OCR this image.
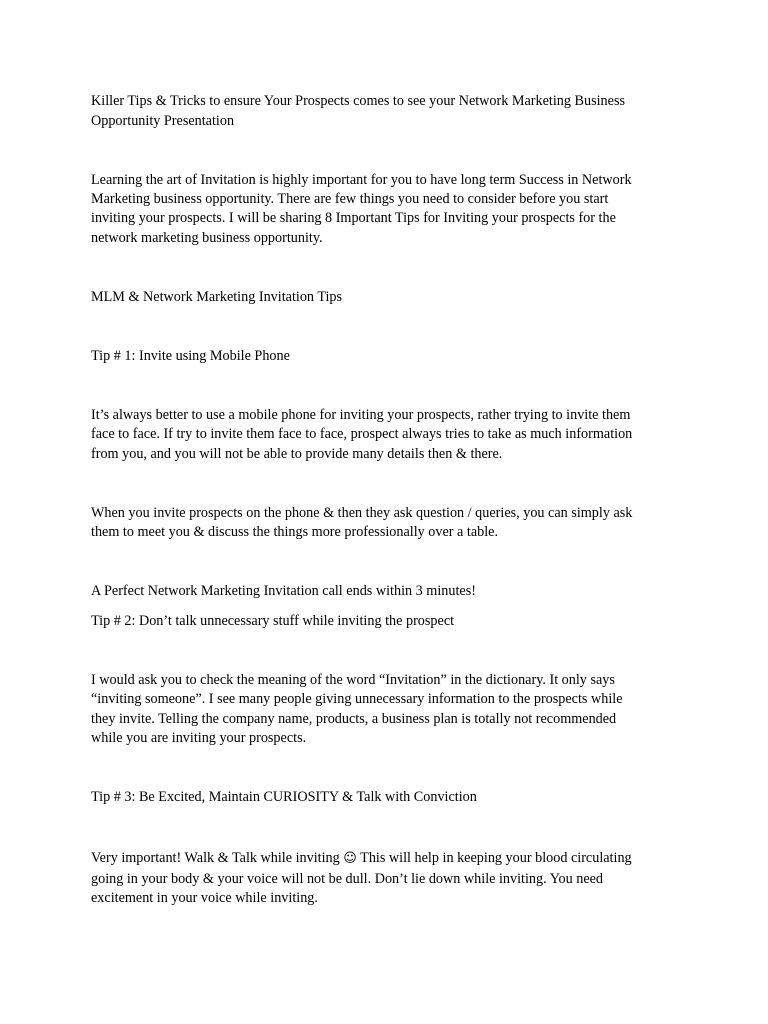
Killer Tips & Tricks to ensure Your Prospects comes to see your Network Marketing Business

Opportunity Presentation

Learning the art of Invitation is highly important for you to have long term Success in Network

Marketing business opportunity. There are few things you need to consider before you start

inviting your prospects. I will be sharing 8 Important Tips for Inviting your prospects for the

network marketing business opportunity.

MLM & Network Marketing Invitation Tips

Tip # 1: Invite using Mobile Phone

It’s always better to use a mobile phone for inviting your prospects, rather trying to invite them

face to face. If try to invite them face to face, prospect always tries to take as much information

from you, and you will not be able to provide many details then & there.

When you invite prospects on the phone & then they ask question / queries, you can simply ask

them to meet you & discuss the things more professionally over a table.

A Perfect Network Marketing Invitation call ends within 3 minutes!

Tip # 2: Don’t talk unnecessary stuff while inviting the prospect

I would ask you to check the meaning of the word “Invitation” in the dictionary. It only says

“inviting someone”. I see many people giving unnecessary information to the prospects while

they invite. Telling the company name, products, a business plan is totally not recommended

while you are inviting your prospects.

Tip # 3: Be Excited, Maintain CURIOSITY & Talk with Conviction

Very important! Walk & Talk while inviting ☺ This will help in keeping your blood circulating

going in your body & your voice will not be dull. Don’t lie down while inviting. You need

excitement in your voice while inviting.
